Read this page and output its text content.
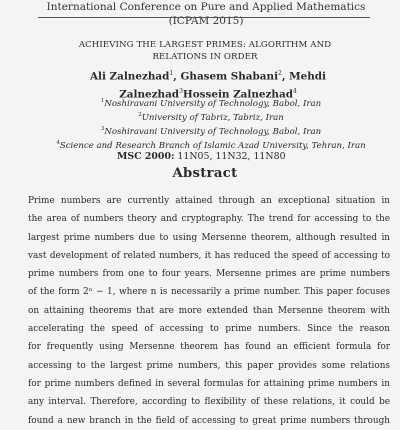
International Conference on Pure and Applied Mathematics (ICPAM 2015)
ACHIEVING THE LARGEST PRIMES: ALGORITHM AND
RELATIONS IN ORDER
Ali Zalnezhad$^1$, Ghasem Shabani$^2$, Mehdi Zalnezhad$^3$Hossein Zalnezhad$^4$
$^1$Noshiravani University of Technology, Babol, Iran
$^2$University of Tabriz, Tabriz, Iran
$^3$Noshiravani University of Technology, Babol, Iran
$^4$Science and Research Branch of Islamic Azad University, Tehran, Iran
MSC 2000: 11N05, 11N32, 11N80
Abstract
Prime numbers are currently attained through an exceptional situation in
the area of numbers theory and cryptography. The trend for accessing to the
largest prime numbers due to using Mersenne theorem, although resulted in
vast development of related numbers, it has reduced the speed of accessing to
prime numbers from one to four years. Mersenne primes are prime numbers
of the form 2ⁿ − 1, where n is necessarily a prime number. This paper focuses
on attaining theorems that are more extended than Mersenne theorem with
accelerating the speed of accessing to prime numbers. Since the reason
for frequently using Mersenne theorem has found an efficient formula for
accessing to the largest prime numbers, this paper provides some relations
for prime numbers defined in several formulas for attaining prime numbers in
any interval. Therefore, according to flexibility of these relations, it could be
found a new branch in the field of accessing to great prime numbers through
